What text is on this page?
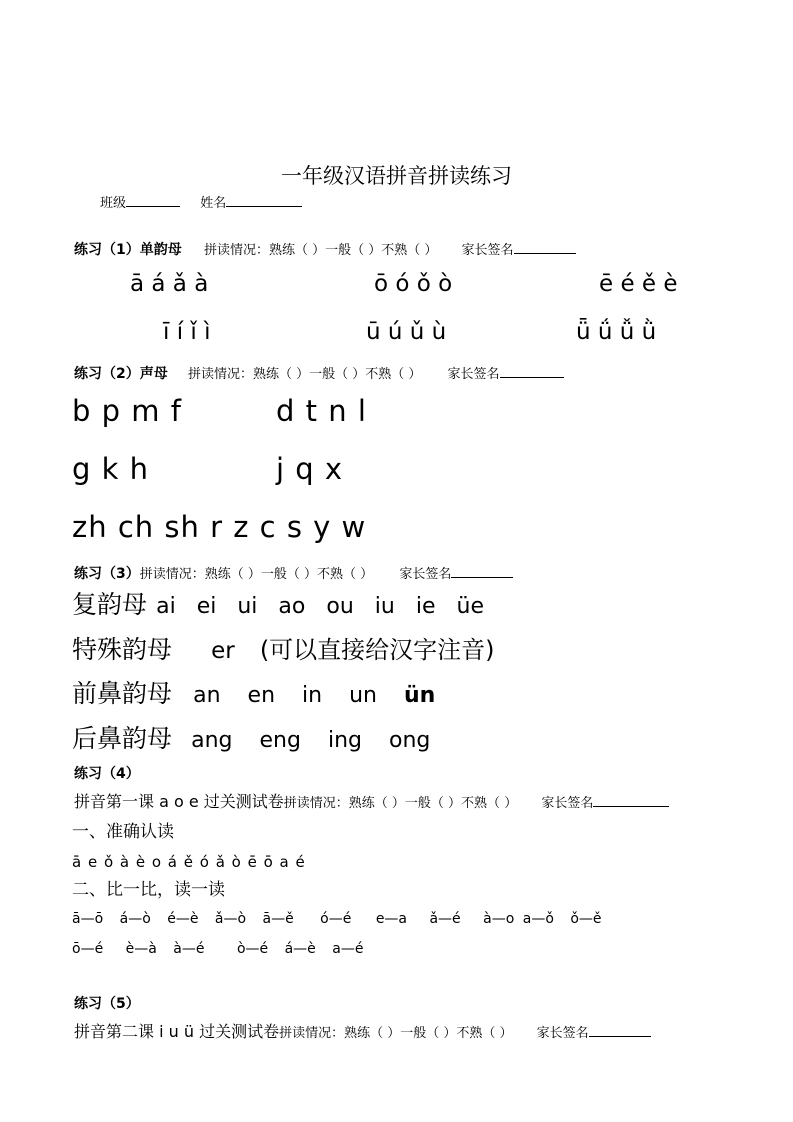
一年级汉语拼音拼读练习
班级	姓名
练习（1）单韵母 拼读情况：熟练（ ）一般（ ）不熟（ ） 家长签名
ā á ǎ à	ō ó ǒ ò	ē é ě è
ī í ǐ ì	ū ú ǔ ù	ǖ ǘ ǚ ǜ
练习（2）声母 拼读情况：熟练（ ）一般（ ）不熟（ ） 家长签名
b p m f	d t n l
g k h	j q x
zh ch sh r z c s y w
练习（3）拼读情况：熟练（ ）一般（ ）不熟（ ） 家长签名
复韵母 ai ei ui ao ou iu ie üe
特殊韵母 er (可以直接给汉字注音)
前鼻韵母 an en in un ün
后鼻韵母 ang eng ing ong
练习（4）
拼音第一课 a o e 过关测试卷拼读情况：熟练（ ）一般（ ）不熟（ ） 家长签名
一、准确认读
ā e ǒ à è o á ě ó ǎ ò ē ō a é
二、比一比，读一读
ā—ō á—ò é—è ǎ—ò ā—ě ó—é e—a ǎ—é à—o a—ǒ ǒ—ě
ō—é è—à à—é ò—é á—è a—é
练习（5）
拼音第二课 i u ü 过关测试卷拼读情况：熟练（ ）一般（ ）不熟（ ） 家长签名
